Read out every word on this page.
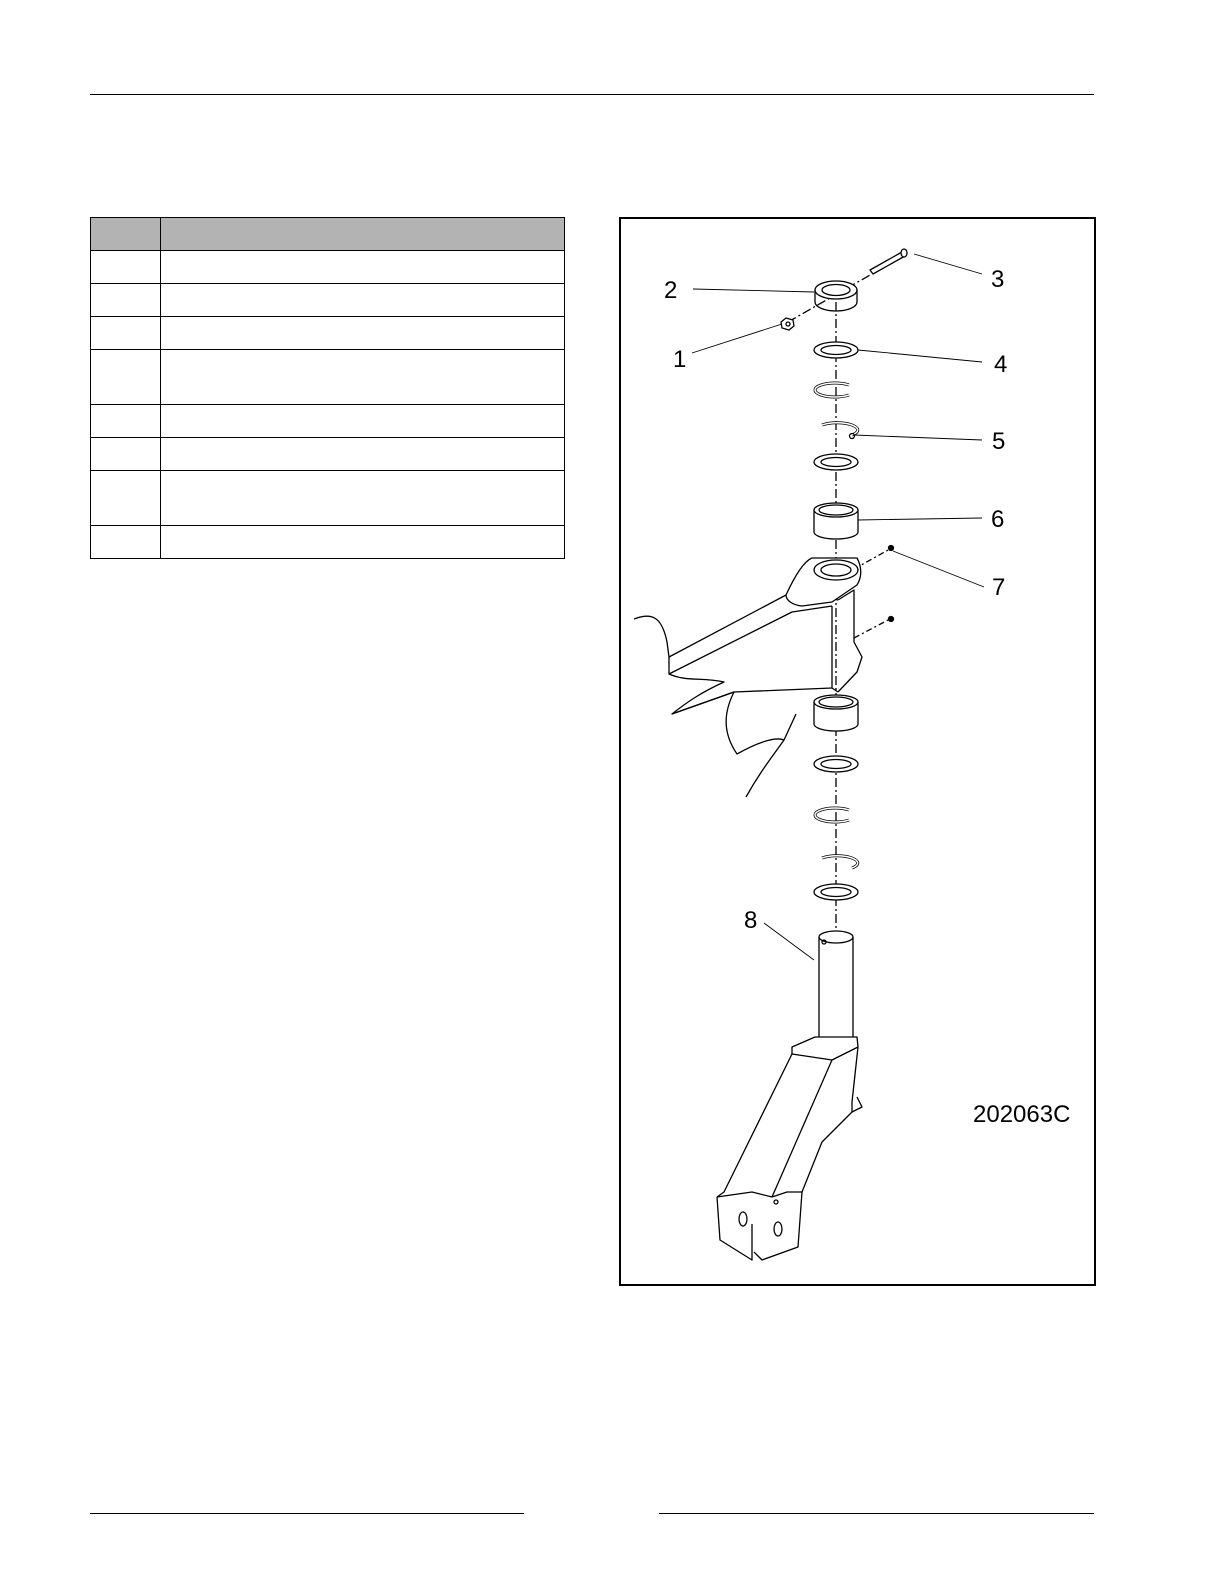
2	3
1	4
5
6
7
8
202063C
